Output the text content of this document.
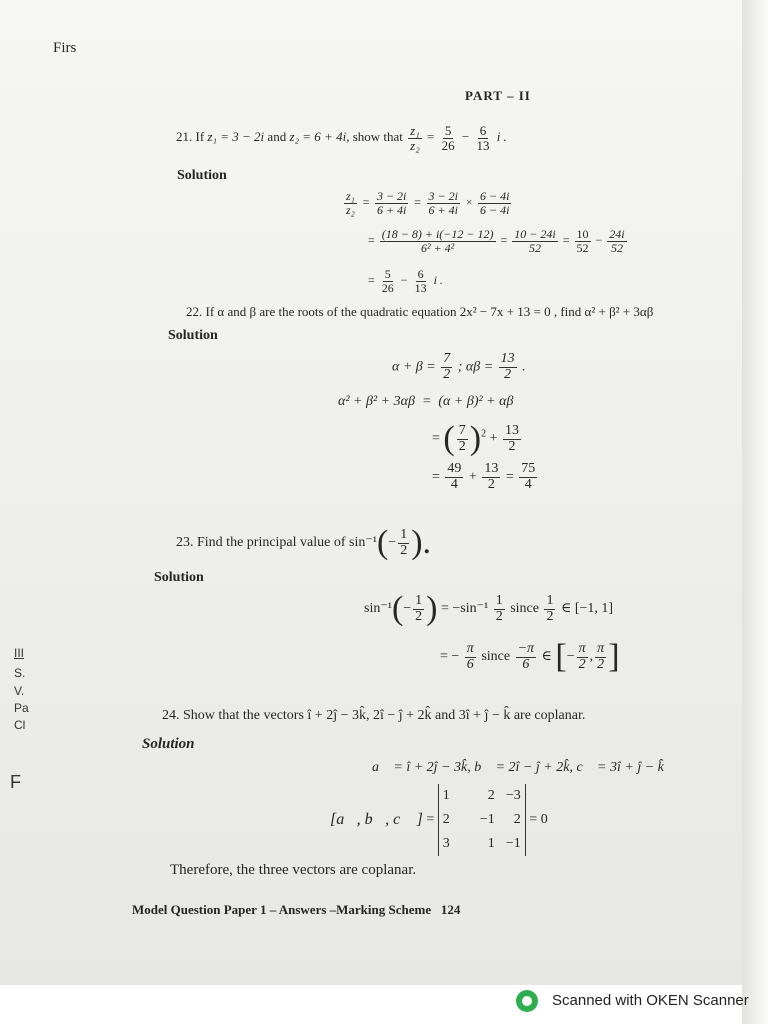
Firs
PART – II
III
S.
V.
Pa
Cl
F
21. If z₁ = 3 − 2i and z₂ = 6 + 4i, show that $\frac{\text{z₁}}{\text{z₂}} = \frac{5}{26} - \frac{6}{13}$ i .
Solution
$\frac{\text{z₁}}{\text{z₂}} = \frac{3 - 2i}{6 + 4i} = \frac{3 - 2i}{6 + 4i} \times \frac{6 - 4i}{6 - 4i}$
= $\frac{(18 - 8) + i(-12 - 12)}{\text{6² + 4²}} = \frac{10 - 24i}{52} = \frac{10}{52} - \frac{24i}{52}$
= $\frac{5}{26} - \frac{6}{13}$ i .
22. If α and β are the roots of the quadratic equation 2x² − 7x + 13 = 0 , find α² + β² + 3αβ
Solution
$\alpha + \beta = \frac{7}{2}$ ; $\alpha\beta = \frac{13}{2}$ .
α² + β² + 3αβ  =  (α + β)² + αβ
= ( $\frac{7}{2} )^2 + \frac{13}{2}$
= $\frac{49}{4} + \frac{13}{2} = \frac{75}{4}$
23. Find the principal value of $\sin^{-1}(- \frac{1}{2}$ ).
Solution
$\sin^{-1}(- \frac{1}{2}$ ) = $-\sin^{-1} \frac{1}{2}$ since $\frac{1}{2}$ ∈ [−1, 1]
= − $\frac{\pi}{6}$ since $\frac{-\pi}{6}$ ∈ [− $\frac{\pi}{2}$ , $\frac{\pi}{2}$ ]
24. Show that the vectors î + 2ĵ − 3k̂, 2î − ĵ + 2k̂ and 3î + ĵ − k̂ are coplanar.
Solution
a⃗ = î + 2ĵ − 3k̂, b⃗ = 2î − ĵ + 2k̂, c⃗ = 3î + ĵ − k̂
[a⃗, b⃗, c⃗ ] =
1	2 −3
2	−1	2
3	1 −1
= 0
Therefore, the three vectors are coplanar.
Model Question Paper 1 – Answers –Marking Scheme 124
Scanned with OKEN Scanner
